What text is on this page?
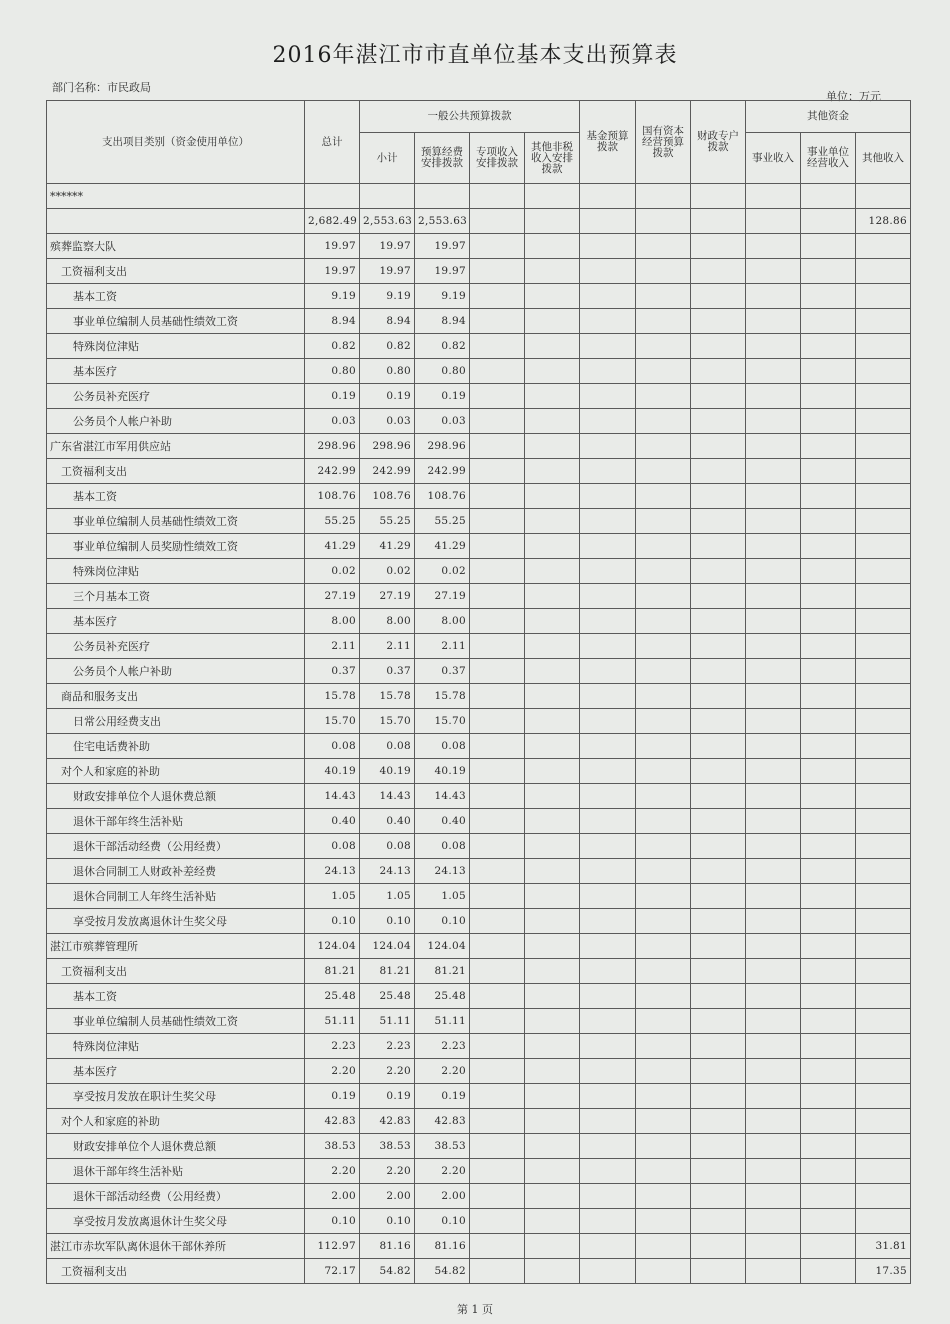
2016年湛江市市直单位基本支出预算表
部门名称：市民政局
单位：万元
支出项目类别（资金使用单位）	总计	一般公共预算拨款				基金预算拨款	国有资本经营预算拨款	财政专户拨款	其他资金		
		小计	预算经费安排拨款	专项收入安排拨款	其他非税收入安排拨款				事业收入	事业单位经营收入	其他收入
******											
	2,682.49	2,553.63	2,553.63								128.86
殡葬监察大队	19.97	19.97	19.97								
工资福利支出	19.97	19.97	19.97								
基本工资	9.19	9.19	9.19								
事业单位编制人员基础性绩效工资	8.94	8.94	8.94								
特殊岗位津贴	0.82	0.82	0.82								
基本医疗	0.80	0.80	0.80								
公务员补充医疗	0.19	0.19	0.19								
公务员个人帐户补助	0.03	0.03	0.03								
广东省湛江市军用供应站	298.96	298.96	298.96								
工资福利支出	242.99	242.99	242.99								
基本工资	108.76	108.76	108.76								
事业单位编制人员基础性绩效工资	55.25	55.25	55.25								
事业单位编制人员奖励性绩效工资	41.29	41.29	41.29								
特殊岗位津贴	0.02	0.02	0.02								
三个月基本工资	27.19	27.19	27.19								
基本医疗	8.00	8.00	8.00								
公务员补充医疗	2.11	2.11	2.11								
公务员个人帐户补助	0.37	0.37	0.37								
商品和服务支出	15.78	15.78	15.78								
日常公用经费支出	15.70	15.70	15.70								
住宅电话费补助	0.08	0.08	0.08								
对个人和家庭的补助	40.19	40.19	40.19								
财政安排单位个人退休费总额	14.43	14.43	14.43								
退休干部年终生活补贴	0.40	0.40	0.40								
退休干部活动经费（公用经费）	0.08	0.08	0.08								
退休合同制工人财政补差经费	24.13	24.13	24.13								
退休合同制工人年终生活补贴	1.05	1.05	1.05								
享受按月发放离退休计生奖父母	0.10	0.10	0.10								
湛江市殡葬管理所	124.04	124.04	124.04								
工资福利支出	81.21	81.21	81.21								
基本工资	25.48	25.48	25.48								
事业单位编制人员基础性绩效工资	51.11	51.11	51.11								
特殊岗位津贴	2.23	2.23	2.23								
基本医疗	2.20	2.20	2.20								
享受按月发放在职计生奖父母	0.19	0.19	0.19								
对个人和家庭的补助	42.83	42.83	42.83								
财政安排单位个人退休费总额	38.53	38.53	38.53								
退休干部年终生活补贴	2.20	2.20	2.20								
退休干部活动经费（公用经费）	2.00	2.00	2.00								
享受按月发放离退休计生奖父母	0.10	0.10	0.10								
湛江市赤坎军队离休退休干部休养所	112.97	81.16	81.16								31.81
工资福利支出	72.17	54.82	54.82								17.35
第 1 页
